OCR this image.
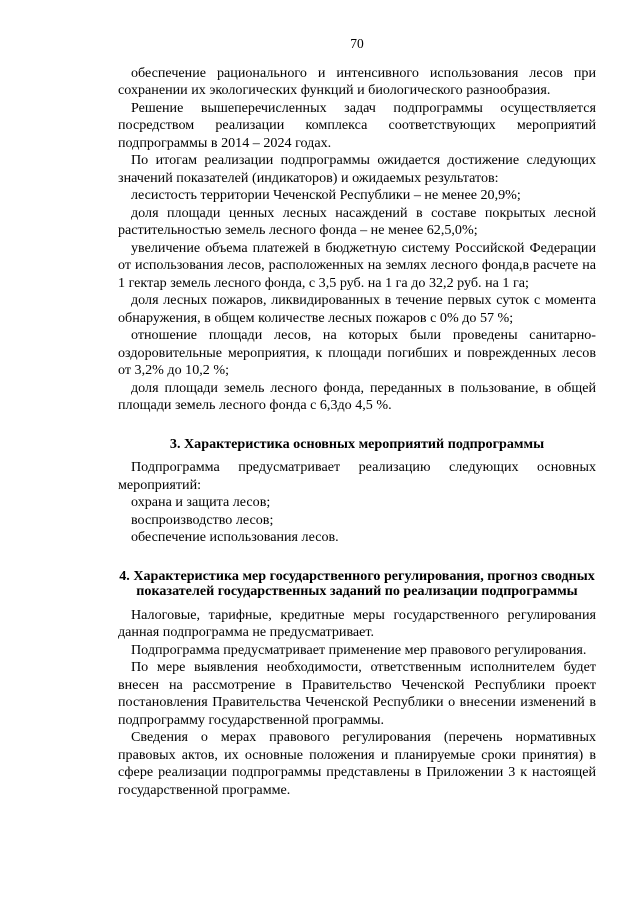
70

обеспечение рационального и интенсивного использования лесов при сохранении их экологических функций и биологического разнообразия.

Решение вышеперечисленных задач подпрограммы осуществляется посредством реализации комплекса соответствующих мероприятий подпрограммы в 2014 – 2024 годах.

По итогам реализации подпрограммы ожидается достижение следующих значений показателей (индикаторов) и ожидаемых результатов:

лесистость территории Чеченской Республики – не менее 20,9%;

доля площади ценных лесных насаждений в составе покрытых лесной растительностью земель лесного фонда – не менее 62,5,0%;

увеличение объема платежей в бюджетную систему Российской Федерации от использования лесов, расположенных на землях лесного фонда,в расчете на 1 гектар земель лесного фонда, с 3,5 руб. на 1 га до 32,2 руб. на 1 га;

доля лесных пожаров, ликвидированных в течение первых суток с момента обнаружения, в общем количестве лесных пожаров с 0% до 57 %;

отношение площади лесов, на которых были проведены санитарно-оздоровительные мероприятия, к площади погибших и поврежденных лесов от 3,2% до 10,2 %;

доля площади земель лесного фонда, переданных в пользование, в общей площади земель лесного фонда с 6,3до 4,5 %.

3. Характеристика основных мероприятий подпрограммы

Подпрограмма предусматривает реализацию следующих основных мероприятий:

охрана и защита лесов;

воспроизводство лесов;

обеспечение использования лесов.

4. Характеристика мер государственного регулирования, прогноз сводных показателей государственных заданий по реализации подпрограммы

Налоговые, тарифные, кредитные меры государственного регулирования данная подпрограмма не предусматривает.

Подпрограмма предусматривает применение мер правового регулирования.

По мере выявления необходимости, ответственным исполнителем будет внесен на рассмотрение в Правительство Чеченской Республики проект постановления Правительства Чеченской Республики о внесении изменений в подпрограмму государственной программы.

Сведения о мерах правового регулирования (перечень нормативных правовых актов, их основные положения и планируемые сроки принятия) в сфере реализации подпрограммы представлены в Приложении 3 к настоящей государственной программе.
